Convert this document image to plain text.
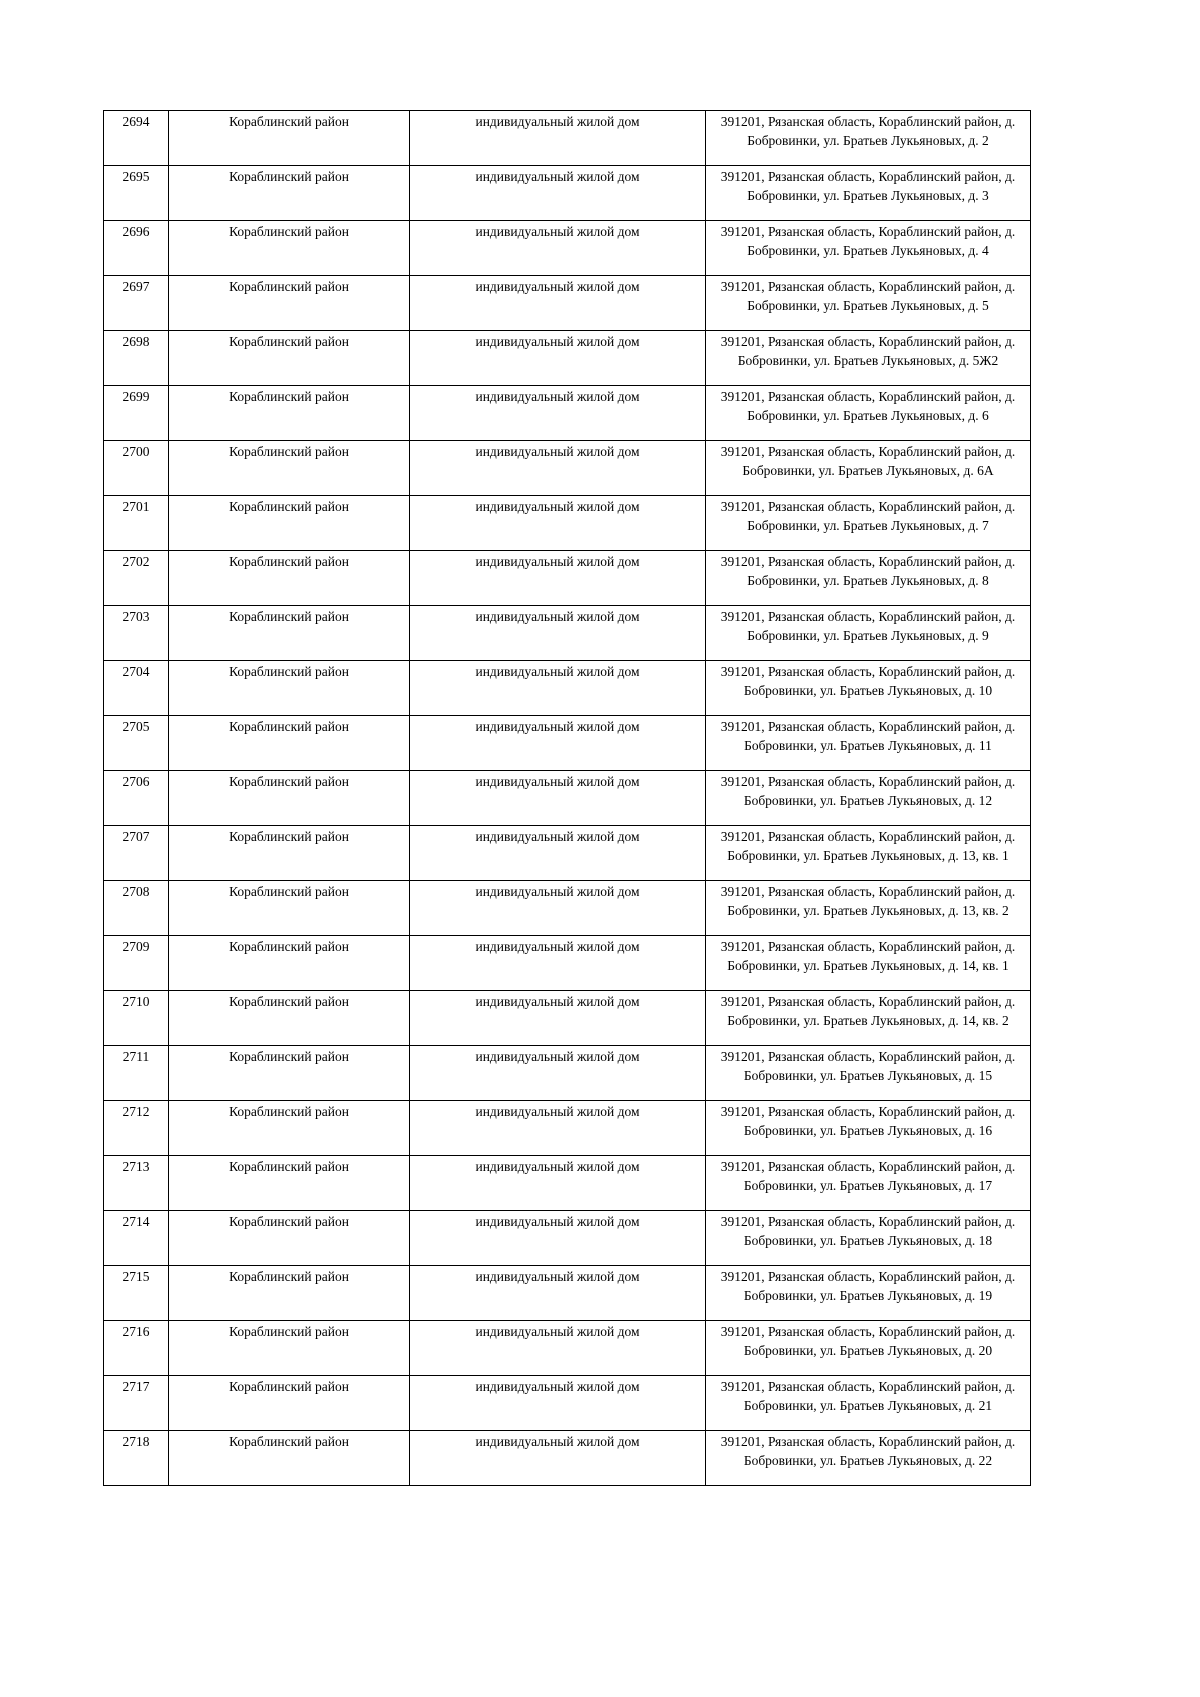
2694	Кораблинский район	индивидуальный жилой дом	391201, Рязанская область, Кораблинский район, д. Бобровинки, ул. Братьев Лукьяновых, д. 2
2695	Кораблинский район	индивидуальный жилой дом	391201, Рязанская область, Кораблинский район, д. Бобровинки, ул. Братьев Лукьяновых, д. 3
2696	Кораблинский район	индивидуальный жилой дом	391201, Рязанская область, Кораблинский район, д. Бобровинки, ул. Братьев Лукьяновых, д. 4
2697	Кораблинский район	индивидуальный жилой дом	391201, Рязанская область, Кораблинский район, д. Бобровинки, ул. Братьев Лукьяновых, д. 5
2698	Кораблинский район	индивидуальный жилой дом	391201, Рязанская область, Кораблинский район, д. Бобровинки, ул. Братьев Лукьяновых, д. 5Ж2
2699	Кораблинский район	индивидуальный жилой дом	391201, Рязанская область, Кораблинский район, д. Бобровинки, ул. Братьев Лукьяновых, д. 6
2700	Кораблинский район	индивидуальный жилой дом	391201, Рязанская область, Кораблинский район, д. Бобровинки, ул. Братьев Лукьяновых, д. 6А
2701	Кораблинский район	индивидуальный жилой дом	391201, Рязанская область, Кораблинский район, д. Бобровинки, ул. Братьев Лукьяновых, д. 7
2702	Кораблинский район	индивидуальный жилой дом	391201, Рязанская область, Кораблинский район, д. Бобровинки, ул. Братьев Лукьяновых, д. 8
2703	Кораблинский район	индивидуальный жилой дом	391201, Рязанская область, Кораблинский район, д. Бобровинки, ул. Братьев Лукьяновых, д. 9
2704	Кораблинский район	индивидуальный жилой дом	391201, Рязанская область, Кораблинский район, д. Бобровинки, ул. Братьев Лукьяновых, д. 10
2705	Кораблинский район	индивидуальный жилой дом	391201, Рязанская область, Кораблинский район, д. Бобровинки, ул. Братьев Лукьяновых, д. 11
2706	Кораблинский район	индивидуальный жилой дом	391201, Рязанская область, Кораблинский район, д. Бобровинки, ул. Братьев Лукьяновых, д. 12
2707	Кораблинский район	индивидуальный жилой дом	391201, Рязанская область, Кораблинский район, д. Бобровинки, ул. Братьев Лукьяновых, д. 13, кв. 1
2708	Кораблинский район	индивидуальный жилой дом	391201, Рязанская область, Кораблинский район, д. Бобровинки, ул. Братьев Лукьяновых, д. 13, кв. 2
2709	Кораблинский район	индивидуальный жилой дом	391201, Рязанская область, Кораблинский район, д. Бобровинки, ул. Братьев Лукьяновых, д. 14, кв. 1
2710	Кораблинский район	индивидуальный жилой дом	391201, Рязанская область, Кораблинский район, д. Бобровинки, ул. Братьев Лукьяновых, д. 14, кв. 2
2711	Кораблинский район	индивидуальный жилой дом	391201, Рязанская область, Кораблинский район, д. Бобровинки, ул. Братьев Лукьяновых, д. 15
2712	Кораблинский район	индивидуальный жилой дом	391201, Рязанская область, Кораблинский район, д. Бобровинки, ул. Братьев Лукьяновых, д. 16
2713	Кораблинский район	индивидуальный жилой дом	391201, Рязанская область, Кораблинский район, д. Бобровинки, ул. Братьев Лукьяновых, д. 17
2714	Кораблинский район	индивидуальный жилой дом	391201, Рязанская область, Кораблинский район, д. Бобровинки, ул. Братьев Лукьяновых, д. 18
2715	Кораблинский район	индивидуальный жилой дом	391201, Рязанская область, Кораблинский район, д. Бобровинки, ул. Братьев Лукьяновых, д. 19
2716	Кораблинский район	индивидуальный жилой дом	391201, Рязанская область, Кораблинский район, д. Бобровинки, ул. Братьев Лукьяновых, д. 20
2717	Кораблинский район	индивидуальный жилой дом	391201, Рязанская область, Кораблинский район, д. Бобровинки, ул. Братьев Лукьяновых, д. 21
2718	Кораблинский район	индивидуальный жилой дом	391201, Рязанская область, Кораблинский район, д. Бобровинки, ул. Братьев Лукьяновых, д. 22
